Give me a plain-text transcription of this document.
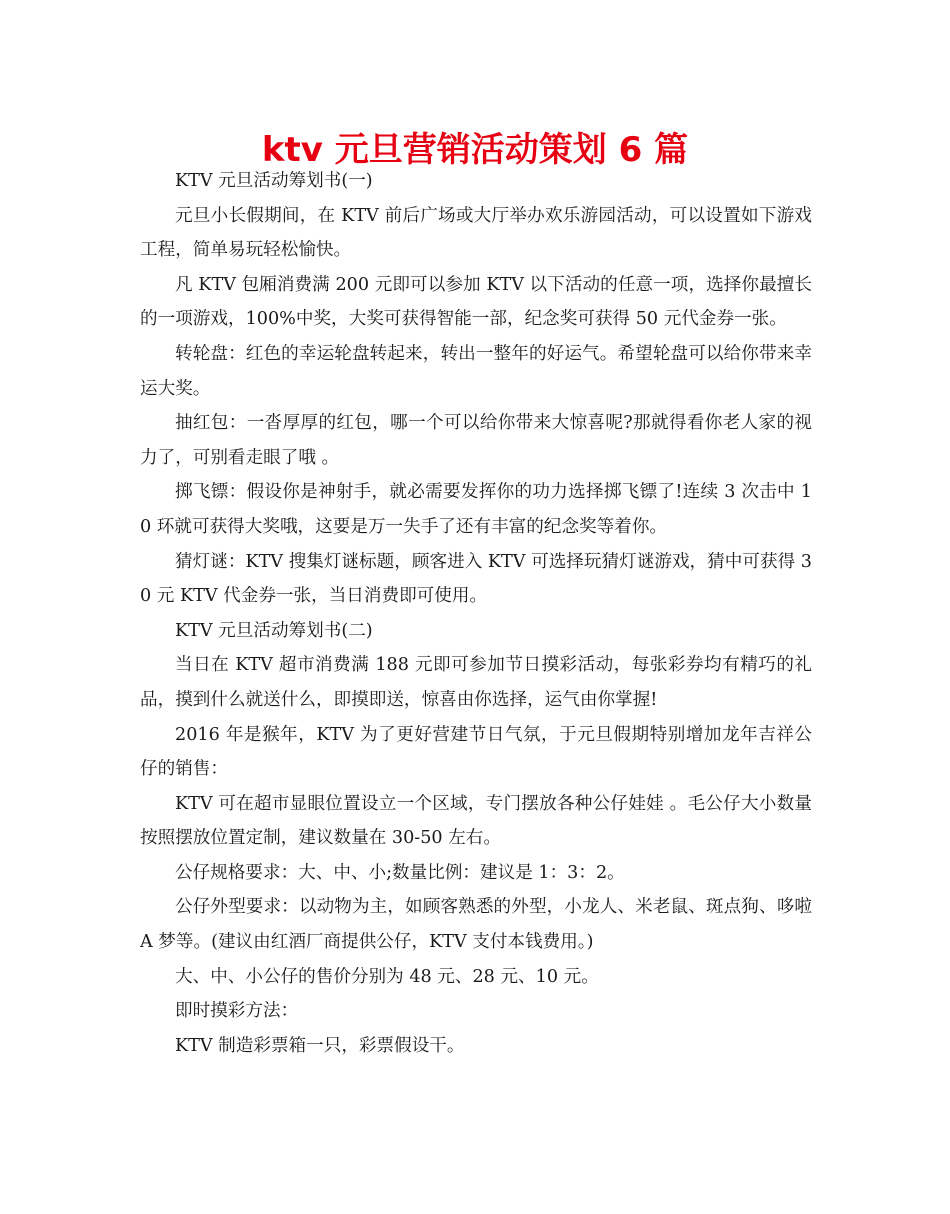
ktv 元旦营销活动策划 6 篇

KTV 元旦活动筹划书(一)

元旦小长假期间，在 KTV 前后广场或大厅举办欢乐游园活动，可以设置如下游戏工程，简单易玩轻松愉快。

凡 KTV 包厢消费满 200 元即可以参加 KTV 以下活动的任意一项，选择你最擅长的一项游戏，100%中奖，大奖可获得智能一部，纪念奖可获得 50 元代金券一张。

转轮盘：红色的幸运轮盘转起来，转出一整年的好运气。希望轮盘可以给你带来幸运大奖。

抽红包：一沓厚厚的红包，哪一个可以给你带来大惊喜呢?那就得看你老人家的视力了，可别看走眼了哦 。

掷飞镖：假设你是神射手，就必需要发挥你的功力选择掷飞镖了!连续 3 次击中 10 环就可获得大奖哦，这要是万一失手了还有丰富的纪念奖等着你。

猜灯谜：KTV 搜集灯谜标题，顾客进入 KTV 可选择玩猜灯谜游戏，猜中可获得 30 元 KTV 代金券一张，当日消费即可使用。

KTV 元旦活动筹划书(二)

当日在 KTV 超市消费满 188 元即可参加节日摸彩活动，每张彩券均有精巧的礼品，摸到什么就送什么，即摸即送，惊喜由你选择，运气由你掌握!

2016 年是猴年，KTV 为了更好营建节日气氛，于元旦假期特别增加龙年吉祥公仔的销售：

KTV 可在超市显眼位置设立一个区域，专门摆放各种公仔娃娃 。毛公仔大小数量按照摆放位置定制，建议数量在 30-50 左右。

公仔规格要求：大、中、小;数量比例：建议是 1：3：2。

公仔外型要求：以动物为主，如顾客熟悉的外型，小龙人、米老鼠、斑点狗、哆啦 A 梦等。(建议由红酒厂商提供公仔，KTV 支付本钱费用。)

大、中、小公仔的售价分别为 48 元、28 元、10 元。

即时摸彩方法：

KTV 制造彩票箱一只，彩票假设干。
